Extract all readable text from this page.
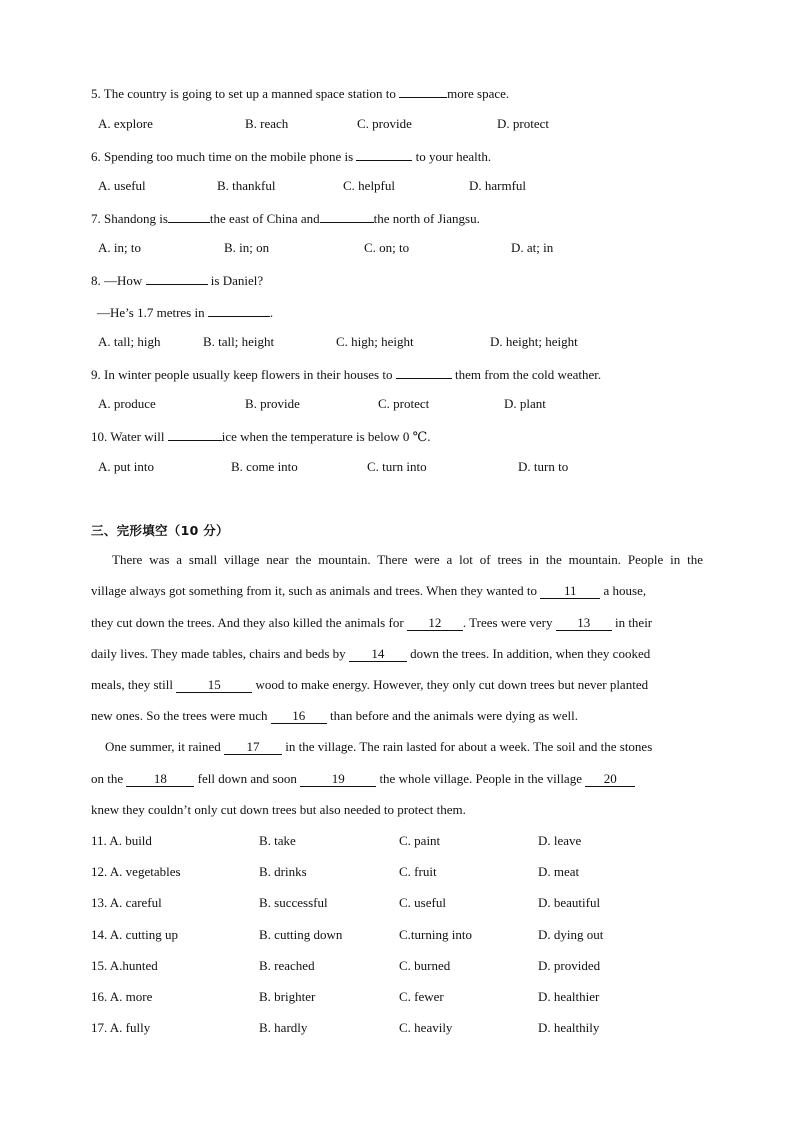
5. The country is going to set up a manned space station to	more space.
A. explore	B. reach	C. provide	D. protect
6. Spending too much time on the mobile phone is	to your health.
A. useful	B. thankful	C. helpful	D. harmful
7. Shandong is	the east of China and	the north of Jiangsu.
A. in; to	B. in; on	C. on; to	D. at; in
8. —How	is Daniel?
—He’s 1.7 metres in	.
A. tall; high	B. tall; height	C. high; height	D. height; height
9. In winter people usually keep flowers in their houses to	them from the cold weather.
A. produce	B. provide	C. protect	D. plant
10. Water will	ice when the temperature is below 0 ℃.
A. put into	B. come into	C. turn into	D. turn to
三、完形填空（10 分）
There was a small village near the mountain. There were a lot of trees in the mountain. People in the
village always got something from it, such as animals and trees. When they wanted to 11 a house,
they cut down the trees. And they also killed the animals for 12 . Trees were very 13 in their
daily lives. They made tables, chairs and beds by 14 down the trees. In addition, when they cooked
meals, they still 15 wood to make energy. However, they only cut down trees but never planted
new ones. So the trees were much 16 than before and the animals were dying as well.
One summer, it rained 17 in the village. The rain lasted for about a week. The soil and the stones
on the 18 fell down and soon 19 the whole village. People in the village 20
knew they couldn’t only cut down trees but also needed to protect them.
11. A. build	B. take	C. paint	D. leave
12. A. vegetables	B. drinks	C. fruit	D. meat
13. A. careful	B. successful	C. useful	D. beautiful
14. A. cutting up	B. cutting down	C.turning into	D. dying out
15. A.hunted	B. reached	C. burned	D. provided
16. A. more	B. brighter	C. fewer	D. healthier
17. A. fully	B. hardly	C. heavily	D. healthily
